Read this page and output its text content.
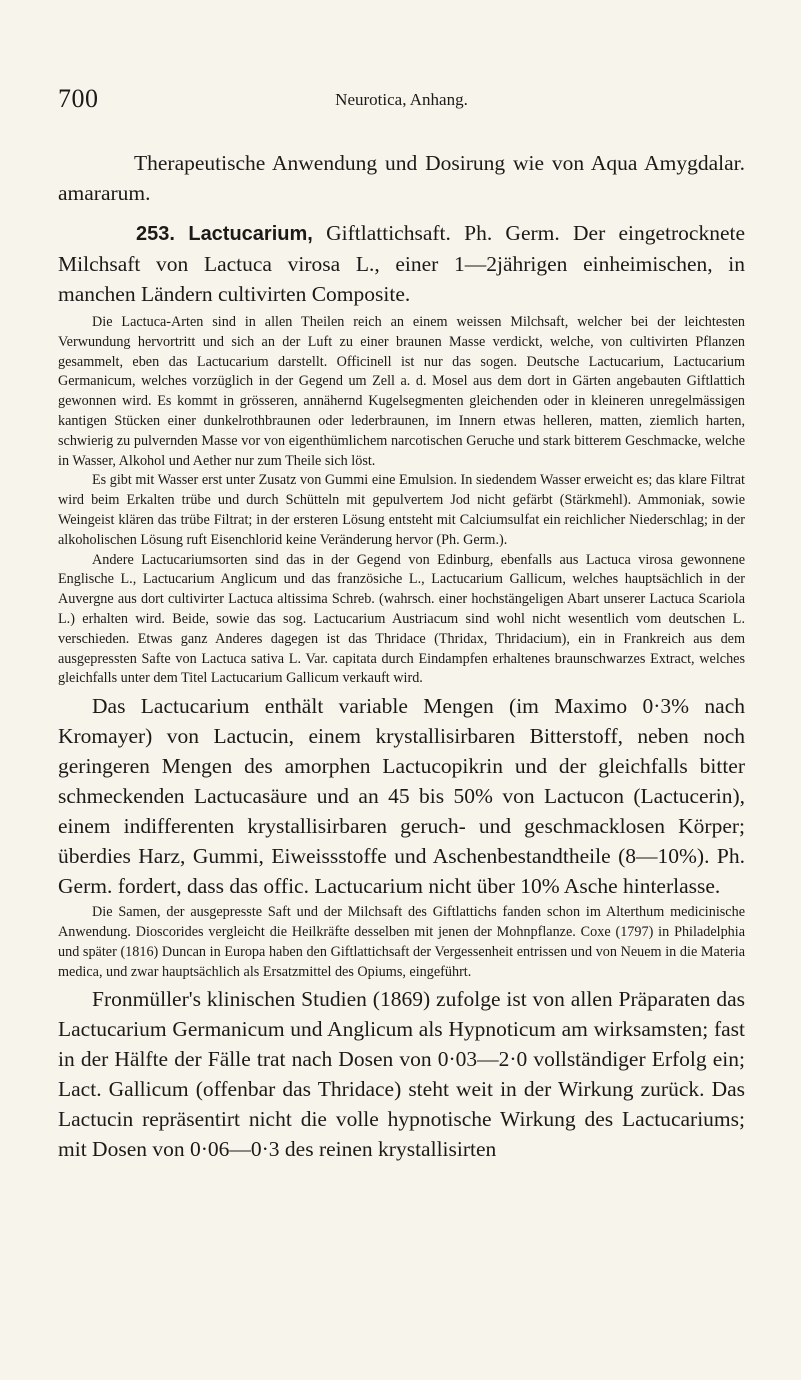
700	Neurotica, Anhang.

Therapeutische Anwendung und Dosirung wie von Aqua Amygdalar. amararum.

253. Lactucarium, Giftlattichsaft. Ph. Germ. Der eingetrocknete Milchsaft von Lactuca virosa L., einer 1—2jährigen einheimischen, in manchen Ländern cultivirten Composite.

Die Lactuca-Arten sind in allen Theilen reich an einem weissen Milchsaft, welcher bei der leichtesten Verwundung hervortritt und sich an der Luft zu einer braunen Masse verdickt, welche, von cultivirten Pflanzen gesammelt, eben das Lactucarium darstellt. Officinell ist nur das sogen. Deutsche Lactucarium, Lactucarium Germanicum, welches vorzüglich in der Gegend um Zell a. d. Mosel aus dem dort in Gärten angebauten Giftlattich gewonnen wird. Es kommt in grösseren, annähernd Kugelsegmenten gleichenden oder in kleineren unregelmässigen kantigen Stücken einer dunkelrothbraunen oder lederbraunen, im Innern etwas helleren, matten, ziemlich harten, schwierig zu pulvernden Masse vor von eigenthümlichem narcotischen Geruche und stark bitterem Geschmacke, welche in Wasser, Alkohol und Aether nur zum Theile sich löst.

Es gibt mit Wasser erst unter Zusatz von Gummi eine Emulsion. In siedendem Wasser erweicht es; das klare Filtrat wird beim Erkalten trübe und durch Schütteln mit gepulvertem Jod nicht gefärbt (Stärkmehl). Ammoniak, sowie Weingeist klären das trübe Filtrat; in der ersteren Lösung entsteht mit Calciumsulfat ein reichlicher Niederschlag; in der alkoholischen Lösung ruft Eisenchlorid keine Veränderung hervor (Ph. Germ.).

Andere Lactucariumsorten sind das in der Gegend von Edinburg, ebenfalls aus Lactuca virosa gewonnene Englische L., Lactucarium Anglicum und das französiche L., Lactucarium Gallicum, welches hauptsächlich in der Auvergne aus dort cultivirter Lactuca altissima Schreb. (wahrsch. einer hochstängeligen Abart unserer Lactuca Scariola L.) erhalten wird. Beide, sowie das sog. Lactucarium Austriacum sind wohl nicht wesentlich vom deutschen L. verschieden. Etwas ganz Anderes dagegen ist das Thridace (Thridax, Thridacium), ein in Frankreich aus dem ausgepressten Safte von Lactuca sativa L. Var. capitata durch Eindampfen erhaltenes braunschwarzes Extract, welches gleichfalls unter dem Titel Lactucarium Gallicum verkauft wird.

Das Lactucarium enthält variable Mengen (im Maximo 0·3% nach Kromayer) von Lactucin, einem krystallisirbaren Bitterstoff, neben noch geringeren Mengen des amorphen Lactucopikrin und der gleichfalls bitter schmeckenden Lactucasäure und an 45 bis 50% von Lactucon (Lactucerin), einem indifferenten krystallisirbaren geruch- und geschmacklosen Körper; überdies Harz, Gummi, Eiweissstoffe und Aschenbestandtheile (8—10%). Ph. Germ. fordert, dass das offic. Lactucarium nicht über 10% Asche hinterlasse.

Die Samen, der ausgepresste Saft und der Milchsaft des Giftlattichs fanden schon im Alterthum medicinische Anwendung. Dioscorides vergleicht die Heilkräfte desselben mit jenen der Mohnpflanze. Coxe (1797) in Philadelphia und später (1816) Duncan in Europa haben den Giftlattichsaft der Vergessenheit entrissen und von Neuem in die Materia medica, und zwar hauptsächlich als Ersatzmittel des Opiums, eingeführt.

Fronmüller's klinischen Studien (1869) zufolge ist von allen Präparaten das Lactucarium Germanicum und Anglicum als Hypnoticum am wirksamsten; fast in der Hälfte der Fälle trat nach Dosen von 0·03—2·0 vollständiger Erfolg ein; Lact. Gallicum (offenbar das Thridace) steht weit in der Wirkung zurück. Das Lactucin repräsentirt nicht die volle hypnotische Wirkung des Lactucariums; mit Dosen von 0·06—0·3 des reinen krystallisirten
